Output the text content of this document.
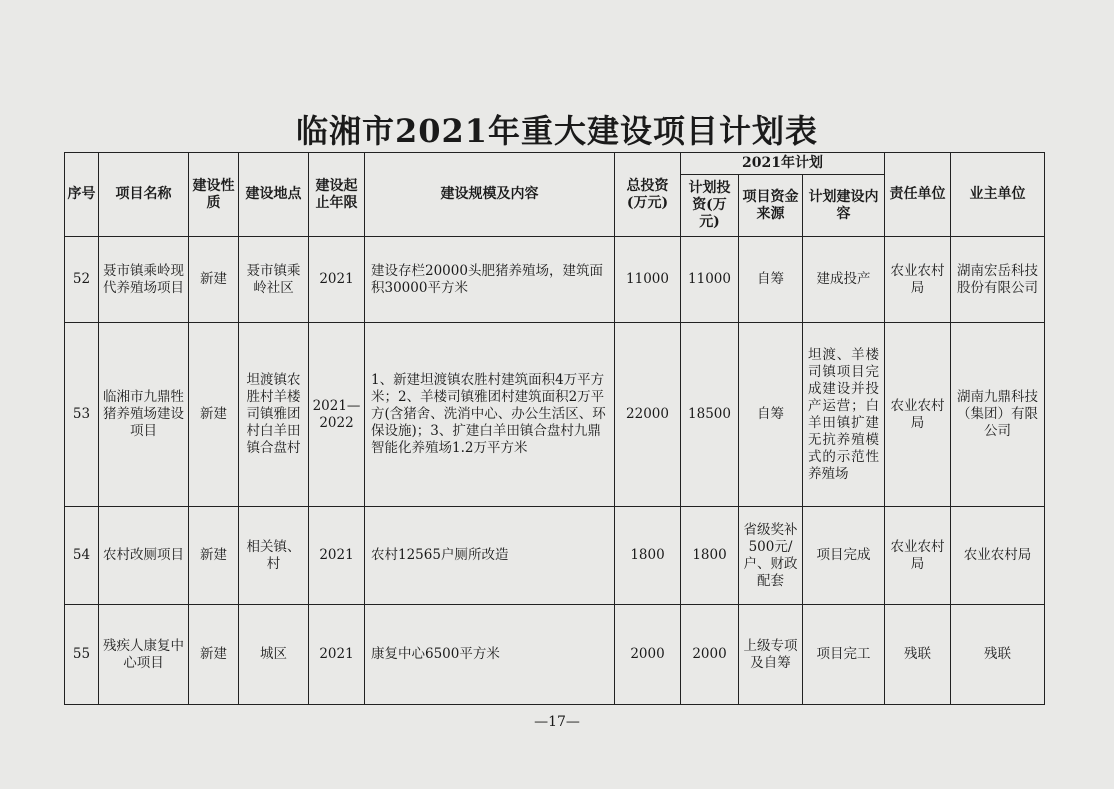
临湘市2021年重大建设项目计划表
序号	项目名称	建设性质	建设地点	建设起止年限	建设规模及内容	总投资(万元)	2021年计划			责任单位	业主单位
							计划投资(万元)	项目资金来源	计划建设内容		
52	聂市镇乘岭现代养殖场项目	新建	聂市镇乘岭社区	2021	建设存栏20000头肥猪养殖场，建筑面积30000平方米	11000	11000	自筹	建成投产	农业农村局	湖南宏岳科技股份有限公司
53	临湘市九鼎牲猪养殖场建设项目	新建	坦渡镇农胜村羊楼司镇雅团村白羊田镇合盘村	2021—2022	1、新建坦渡镇农胜村建筑面积4万平方米；2、羊楼司镇雅团村建筑面积2万平方(含猪舍、洗消中心、办公生活区、环保设施)；3、扩建白羊田镇合盘村九鼎智能化养殖场1.2万平方米	22000	18500	自筹	坦渡、羊楼司镇项目完成建设并投产运营；白羊田镇扩建无抗养殖模式的示范性养殖场	农业农村局	湖南九鼎科技（集团）有限公司
54	农村改厕项目	新建	相关镇、村	2021	农村12565户厕所改造	1800	1800	省级奖补500元/户、财政配套	项目完成	农业农村局	农业农村局
55	残疾人康复中心项目	新建	城区	2021	康复中心6500平方米	2000	2000	上级专项及自筹	项目完工	残联	残联
—17—
